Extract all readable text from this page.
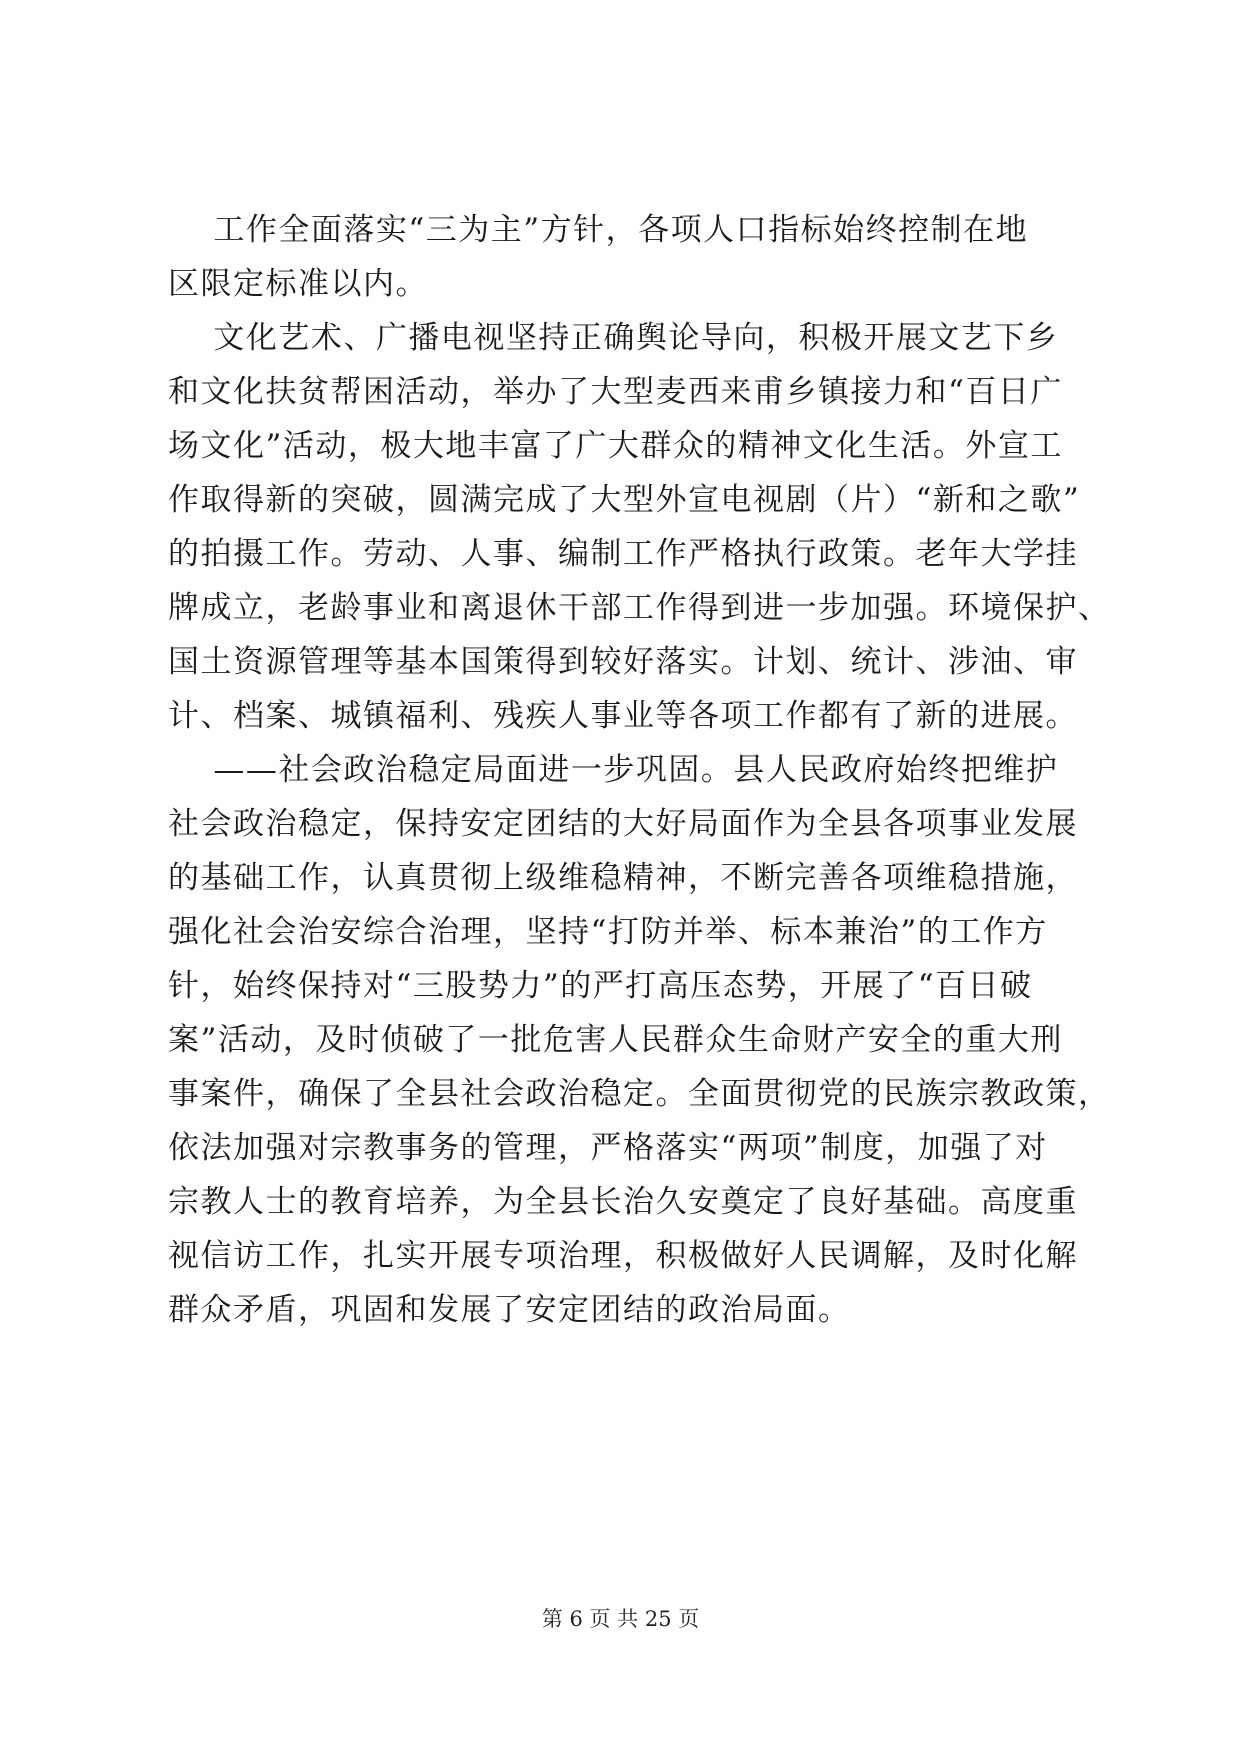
工作全面落实“三为主”方针，各项人口指标始终控制在地
区限定标准以内。
文化艺术、广播电视坚持正确舆论导向，积极开展文艺下乡
和文化扶贫帮困活动，举办了大型麦西来甫乡镇接力和“百日广
场文化”活动，极大地丰富了广大群众的精神文化生活。外宣工
作取得新的突破，圆满完成了大型外宣电视剧（片）“新和之歌”
的拍摄工作。劳动、人事、编制工作严格执行政策。老年大学挂
牌成立，老龄事业和离退休干部工作得到进一步加强。环境保护、
国土资源管理等基本国策得到较好落实。计划、统计、涉油、审
计、档案、城镇福利、残疾人事业等各项工作都有了新的进展。
——社会政治稳定局面进一步巩固。县人民政府始终把维护
社会政治稳定，保持安定团结的大好局面作为全县各项事业发展
的基础工作，认真贯彻上级维稳精神，不断完善各项维稳措施，
强化社会治安综合治理，坚持“打防并举、标本兼治”的工作方
针，始终保持对“三股势力”的严打高压态势，开展了“百日破
案”活动，及时侦破了一批危害人民群众生命财产安全的重大刑
事案件，确保了全县社会政治稳定。全面贯彻党的民族宗教政策，
依法加强对宗教事务的管理，严格落实“两项”制度，加强了对
宗教人士的教育培养，为全县长治久安奠定了良好基础。高度重
视信访工作，扎实开展专项治理，积极做好人民调解，及时化解
群众矛盾，巩固和发展了安定团结的政治局面。
第 6 页 共 25 页
